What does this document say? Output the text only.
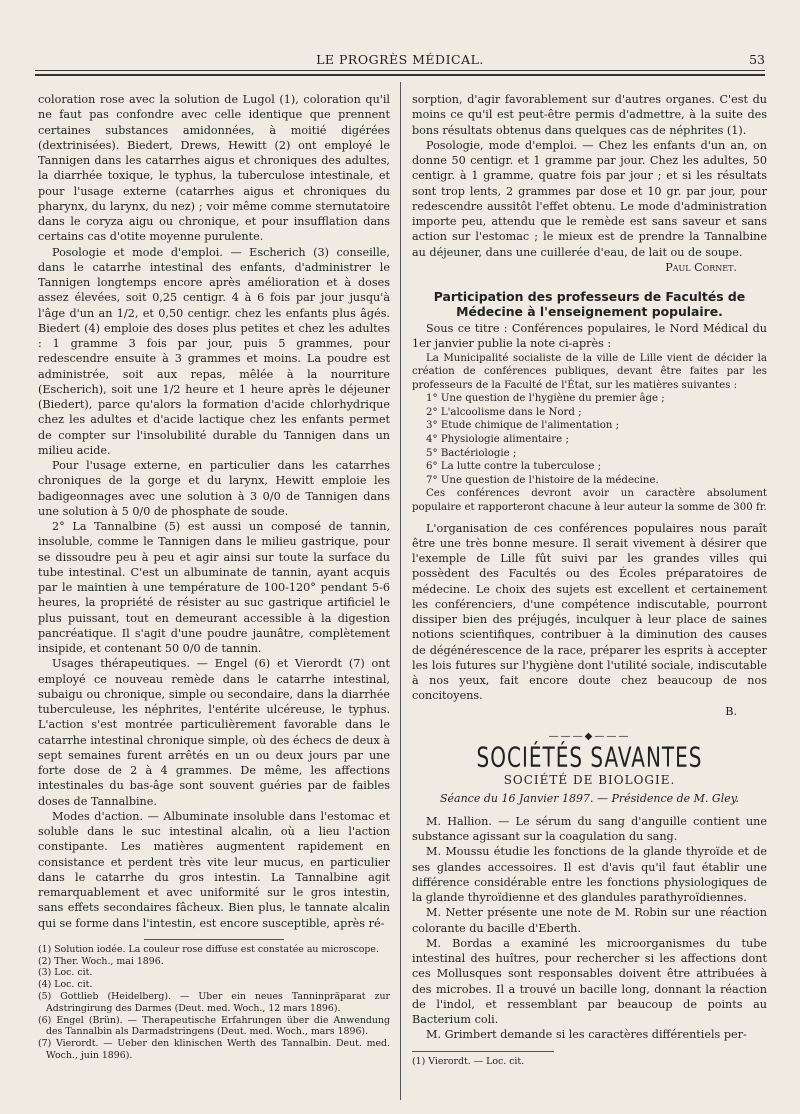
LE PROGRÈS MÉDICAL.	53

coloration rose avec la solution de Lugol (1), coloration qu'il ne faut pas confondre avec celle identique que prennent certaines substances amidonnées, à moitié digérées (dextrinisées). Biedert, Drews, Hewitt (2) ont employé le Tannigen dans les catarrhes aigus et chroniques des adultes, la diarrhée toxique, le typhus, la tuberculose intestinale, et pour l'usage externe (catarrhes aigus et chroniques du pharynx, du larynx, du nez) ; voir même comme sternutatoire dans le coryza aigu ou chronique, et pour insufflation dans certains cas d'otite moyenne purulente.

Posologie et mode d'emploi. — Escherich (3) conseille, dans le catarrhe intestinal des enfants, d'administrer le Tannigen longtemps encore après amélioration et à doses assez élevées, soit 0,25 centigr. 4 à 6 fois par jour jusqu'à l'âge d'un an 1/2, et 0,50 centigr. chez les enfants plus âgés. Biedert (4) emploie des doses plus petites et chez les adultes : 1 gramme 3 fois par jour, puis 5 grammes, pour redescendre ensuite à 3 grammes et moins. La poudre est administrée, soit aux repas, mêlée à la nourriture (Escherich), soit une 1/2 heure et 1 heure après le déjeuner (Biedert), parce qu'alors la formation d'acide chlorhydrique chez les adultes et d'acide lactique chez les enfants permet de compter sur l'insolubilité durable du Tannigen dans un milieu acide.

Pour l'usage externe, en particulier dans les catarrhes chroniques de la gorge et du larynx, Hewitt emploie les badigeonnages avec une solution à 3 0/0 de Tannigen dans une solution à 5 0/0 de phosphate de soude.

2° La Tannalbine (5) est aussi un composé de tannin, insoluble, comme le Tannigen dans le milieu gastrique, pour se dissoudre peu à peu et agir ainsi sur toute la surface du tube intestinal. C'est un albuminate de tannin, ayant acquis par le maintien à une température de 100-120° pendant 5-6 heures, la propriété de résister au suc gastrique artificiel le plus puissant, tout en demeurant accessible à la digestion pancréatique. Il s'agit d'une poudre jaunâtre, complètement insipide, et contenant 50 0/0 de tannin.

Usages thérapeutiques. — Engel (6) et Vierordt (7) ont employé ce nouveau remède dans le catarrhe intestinal, subaigu ou chronique, simple ou secondaire, dans la diarrhée tuberculeuse, les néphrites, l'entérite ulcéreuse, le typhus. L'action s'est montrée particulièrement favorable dans le catarrhe intestinal chronique simple, où des échecs de deux à sept semaines furent arrêtés en un ou deux jours par une forte dose de 2 à 4 grammes. De même, les affections intestinales du bas-âge sont souvent guéries par de faibles doses de Tannalbine.

Modes d'action. — Albuminate insoluble dans l'estomac et soluble dans le suc intestinal alcalin, où a lieu l'action constipante. Les matières augmentent rapidement en consistance et perdent très vite leur mucus, en particulier dans le catarrhe du gros intestin. La Tannalbine agit remarquablement et avec uniformité sur le gros intestin, sans effets secondaires fâcheux. Bien plus, le tannate alcalin qui se forme dans l'intestin, est encore susceptible, après ré-

(1) Solution iodée. La couleur rose diffuse est constatée au microscope.
(2) Ther. Woch., mai 1896.
(3) Loc. cit.
(4) Loc. cit.
(5) Gottlieb (Heidelberg). — Uber ein neues Tanninpräparat zur Adstringirung des Darmes (Deut. med. Woch., 12 mars 1896).
(6) Engel (Brün). — Therapeutische Erfahrungen über die Anwendung des Tannalbin als Darmadstringens (Deut. med. Woch., mars 1896).
(7) Vierordt. — Ueber den klinischen Werth des Tannalbin. Deut. med. Woch., juin 1896).

sorption, d'agir favorablement sur d'autres organes. C'est du moins ce qu'il est peut-être permis d'admettre, à la suite des bons résultats obtenus dans quelques cas de néphrites (1).

Posologie, mode d'emploi. — Chez les enfants d'un an, on donne 50 centigr. et 1 gramme par jour. Chez les adultes, 50 centigr. à 1 gramme, quatre fois par jour ; et si les résultats sont trop lents, 2 grammes par dose et 10 gr. par jour, pour redescendre aussitôt l'effet obtenu. Le mode d'administration importe peu, attendu que le remède est sans saveur et sans action sur l'estomac ; le mieux est de prendre la Tannalbine au déjeuner, dans une cuillerée d'eau, de lait ou de soupe.

Paul Cornet.
Participation des professeurs de Facultés de Médecine à l'enseignement populaire.

Sous ce titre : Conférences populaires, le Nord Médical du 1er janvier publie la note ci-après :

La Municipalité socialiste de la ville de Lille vient de décider la création de conférences publiques, devant être faites par les professeurs de la Faculté de l'État, sur les matières suivantes :

1° Une question de l'hygiène du premier âge ;
2° L'alcoolisme dans le Nord ;
3° Etude chimique de l'alimentation ;
4° Physiologie alimentaire ;
5° Bactériologie ;
6° La lutte contre la tuberculose ;
7° Une question de l'histoire de la médecine.

Ces conférences devront avoir un caractère absolument populaire et rapporteront chacune à leur auteur la somme de 300 fr.

L'organisation de ces conférences populaires nous paraît être une très bonne mesure. Il serait vivement à désirer que l'exemple de Lille fût suivi par les grandes villes qui possèdent des Facultés ou des Écoles préparatoires de médecine. Le choix des sujets est excellent et certainement les conférenciers, d'une compétence indiscutable, pourront dissiper bien des préjugés, inculquer à leur place de saines notions scientifiques, contribuer à la diminution des causes de dégénérescence de la race, préparer les esprits à accepter les lois futures sur l'hygiène dont l'utilité sociale, indiscutable à nos yeux, fait encore doute chez beaucoup de nos concitoyens.

B.
———◆———
SOCIÉTÉS SAVANTES
SOCIÉTÉ DE BIOLOGIE.
Séance du 16 Janvier 1897. — Présidence de M. Gley.

M. Hallion. — Le sérum du sang d'anguille contient une substance agissant sur la coagulation du sang.

M. Moussu étudie les fonctions de la glande thyroïde et de ses glandes accessoires. Il est d'avis qu'il faut établir une différence considérable entre les fonctions physiologiques de la glande thyroïdienne et des glandules parathyroïdiennes.

M. Netter présente une note de M. Robin sur une réaction colorante du bacille d'Eberth.

M. Bordas a examiné les microorganismes du tube intestinal des huîtres, pour rechercher si les affections dont ces Mollusques sont responsables doivent être attribuées à des microbes. Il a trouvé un bacille long, donnant la réaction de l'indol, et ressemblant par beaucoup de points au Bacterium coli.

M. Grimbert demande si les caractères différentiels per-

(1) Vierordt. — Loc. cit.
